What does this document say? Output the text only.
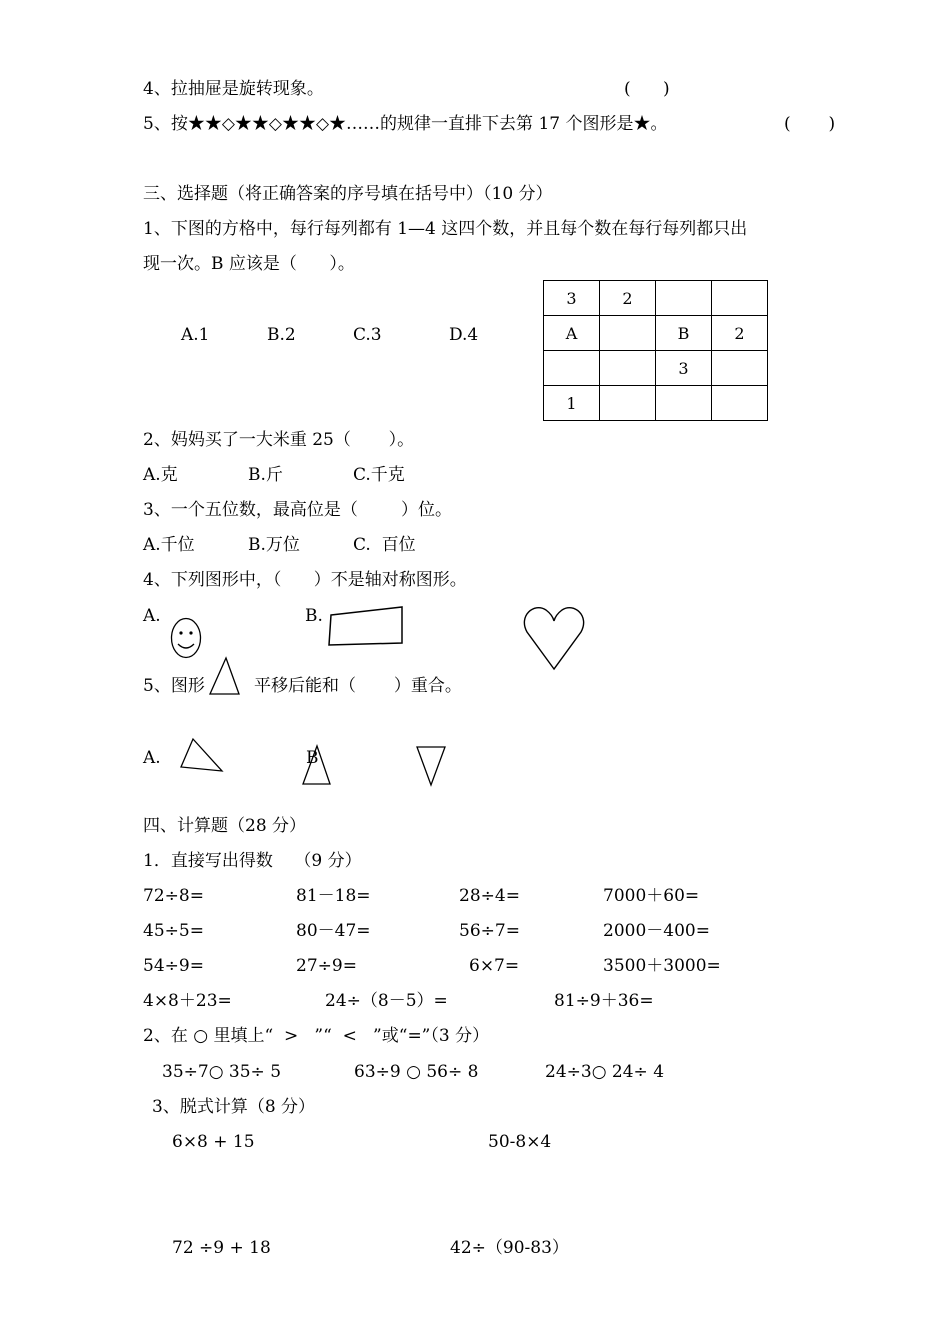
4、拉抽屉是旋转现象。	(      )
5、按★★◇★★◇★★◇★……的规律一直排下去第 17 个图形是★。	(       )
三、选择题（将正确答案的序号填在括号中）（10 分）
1、下图的方格中，每行每列都有 1—4 这四个数，并且每个数在每行每列都只出
现一次。B 应该是（      ）。
A.1	B.2	C.3	D.4
3	2		
A		B	2
		3	
1			
2、妈妈买了一大米重 25（       ）。
A.克	B.斤	C.千克
3、一个五位数，最高位是（        ）位。
A.千位	B.万位	C.  百位
4、下列图形中，（      ）不是轴对称图形。
A.	B.
5、图形	平移后能和（       ）重合。
A.	B
四、计算题（28 分）
1．直接写出得数    （9 分）
72÷8=	81－18=	28÷4=	7000＋60=
45÷5=	80－47=	56÷7=	2000－400=
54÷9=	27÷9=	6×7=	3500＋3000=
4×8＋23=	24÷（8－5）=	81÷9＋36=
2、在 ○ 里填上“  >   ”“  <   ”或“=”（3 分）
35÷7○ 35÷ 5	63÷9 ○ 56÷ 8	24÷3○ 24÷ 4
3、脱式计算（8 分）
6×8 + 15	50-8×4
72 ÷9 + 18	42÷（90-83）
